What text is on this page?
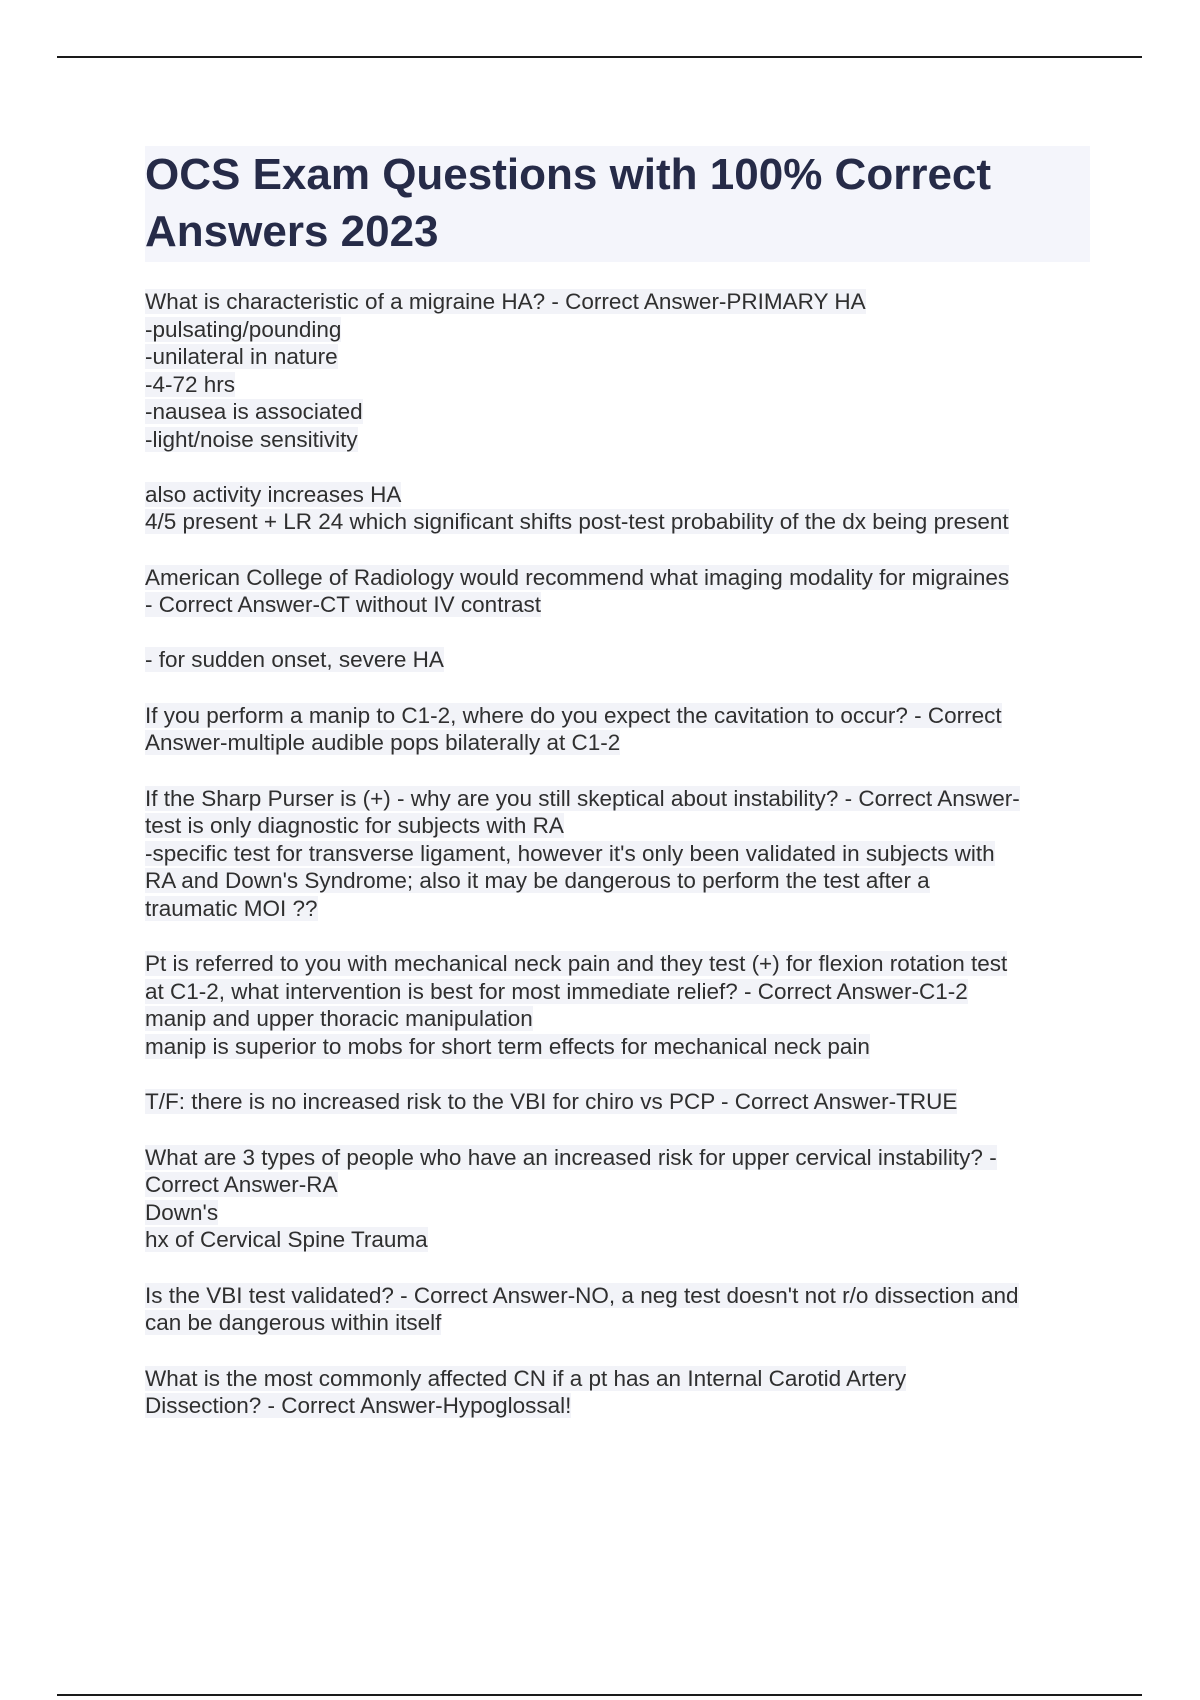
OCS Exam Questions with 100% Correct
Answers 2023
What is characteristic of a migraine HA? - Correct Answer-PRIMARY HA
-pulsating/pounding
-unilateral in nature
-4-72 hrs
-nausea is associated
-light/noise sensitivity
also activity increases HA
4/5 present + LR 24 which significant shifts post-test probability of the dx being present
American College of Radiology would recommend what imaging modality for migraines
- Correct Answer-CT without IV contrast
- for sudden onset, severe HA
If you perform a manip to C1-2, where do you expect the cavitation to occur? - Correct
Answer-multiple audible pops bilaterally at C1-2
If the Sharp Purser is (+) - why are you still skeptical about instability? - Correct Answer-
test is only diagnostic for subjects with RA
-specific test for transverse ligament, however it's only been validated in subjects with
RA and Down's Syndrome; also it may be dangerous to perform the test after a
traumatic MOI ??
Pt is referred to you with mechanical neck pain and they test (+) for flexion rotation test
at C1-2, what intervention is best for most immediate relief? - Correct Answer-C1-2
manip and upper thoracic manipulation
manip is superior to mobs for short term effects for mechanical neck pain
T/F: there is no increased risk to the VBI for chiro vs PCP - Correct Answer-TRUE
What are 3 types of people who have an increased risk for upper cervical instability? -
Correct Answer-RA
Down's
hx of Cervical Spine Trauma
Is the VBI test validated? - Correct Answer-NO, a neg test doesn't not r/o dissection and
can be dangerous within itself
What is the most commonly affected CN if a pt has an Internal Carotid Artery
Dissection? - Correct Answer-Hypoglossal!
